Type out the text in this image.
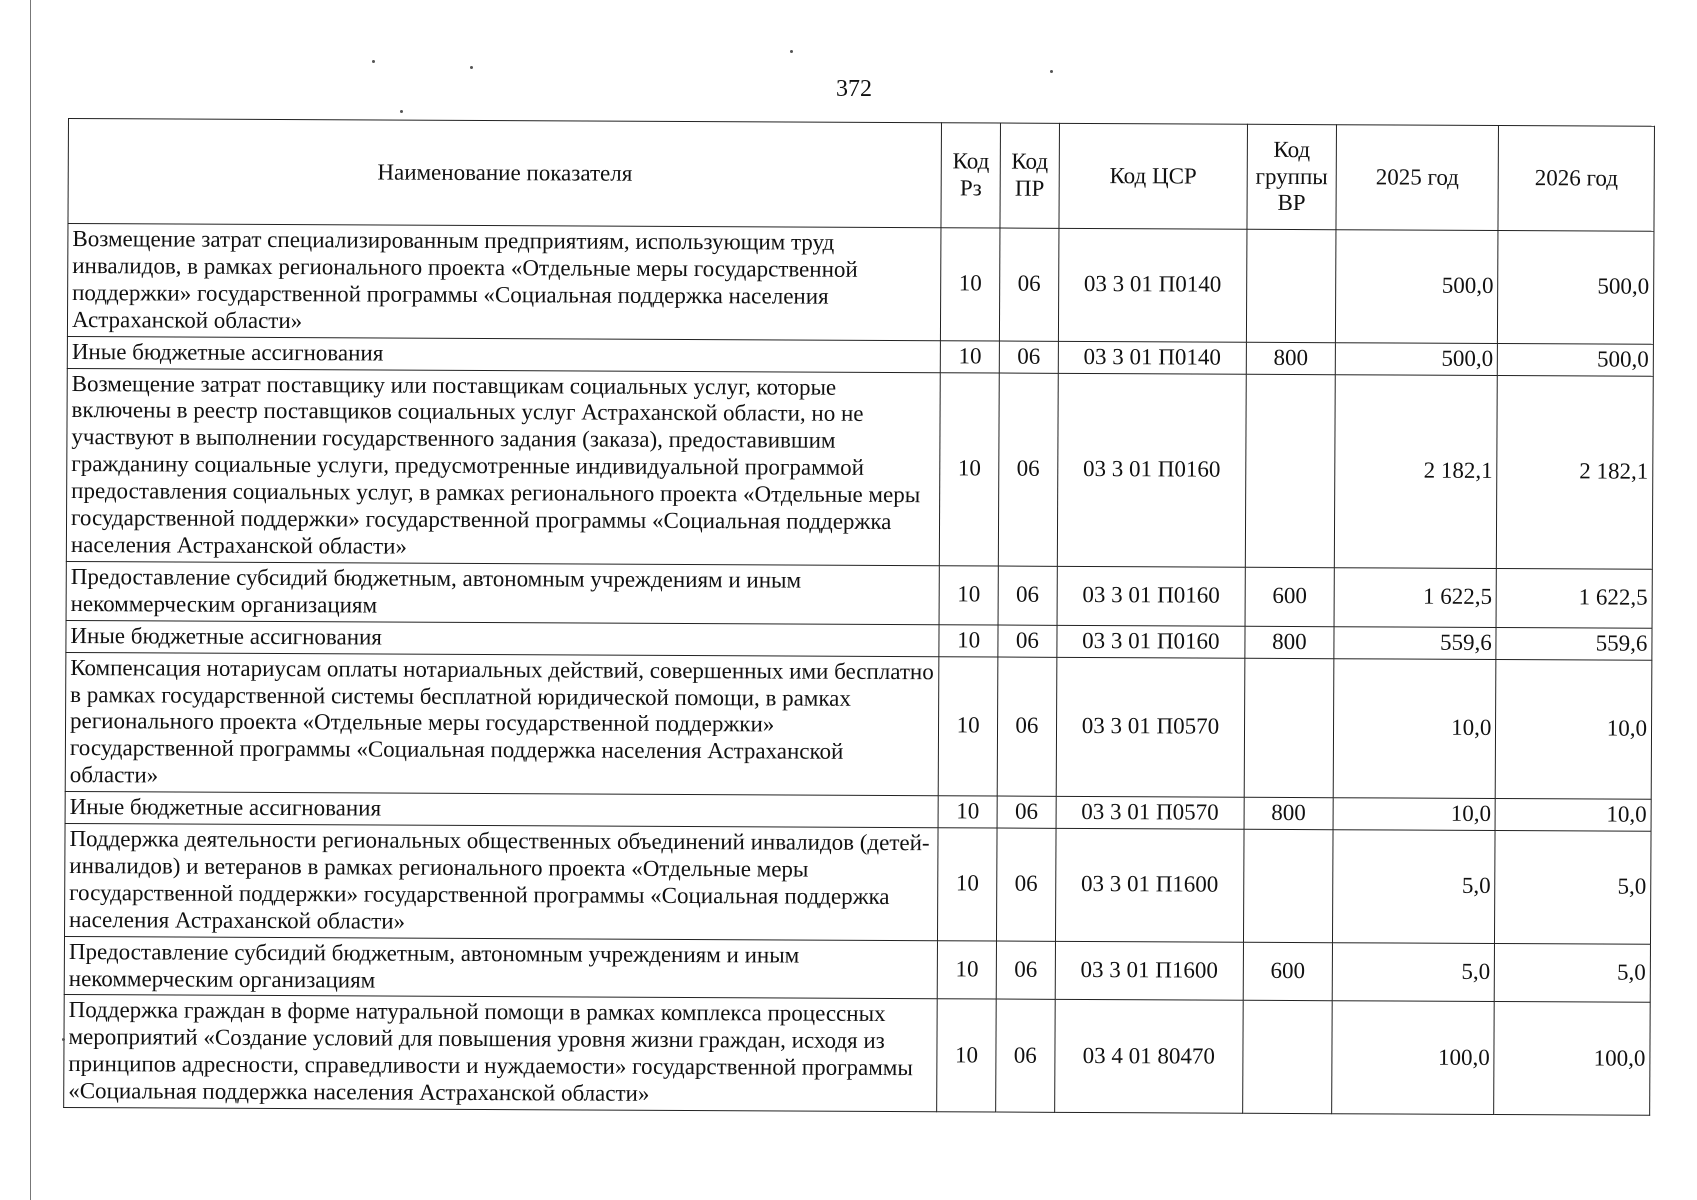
372
Наименование показателя	Код Рз	Код ПР	Код ЦСР	Код группы ВР	2025 год	2026 год
Возмещение затрат специализированным предприятиям, использующим труд инвалидов, в рамках регионального проекта «Отдельные меры государственной поддержки» государственной программы «Социальная поддержка населения Астраханской области»	10	06	03 3 01 П0140		500,0	500,0
Иные бюджетные ассигнования	10	06	03 3 01 П0140	800	500,0	500,0
Возмещение затрат поставщику или поставщикам социальных услуг, которые включены в реестр поставщиков социальных услуг Астраханской области, но не участвуют в выполнении государственного задания (заказа), предоставившим гражданину социальные услуги, предусмотренные индивидуальной программой предоставления социальных услуг, в рамках регионального проекта «Отдельные меры государственной поддержки» государственной программы «Социальная поддержка населения Астраханской области»	10	06	03 3 01 П0160		2 182,1	2 182,1
Предоставление субсидий бюджетным, автономным учреждениям и иным некоммерческим организациям	10	06	03 3 01 П0160	600	1 622,5	1 622,5
Иные бюджетные ассигнования	10	06	03 3 01 П0160	800	559,6	559,6
Компенсация нотариусам оплаты нотариальных действий, совершенных ими бесплатно в рамках государственной системы бесплатной юридической помощи, в рамках регионального проекта «Отдельные меры государственной поддержки» государственной программы «Социальная поддержка населения Астраханской области»	10	06	03 3 01 П0570		10,0	10,0
Иные бюджетные ассигнования	10	06	03 3 01 П0570	800	10,0	10,0
Поддержка деятельности региональных общественных объединений инвалидов (детей-инвалидов) и ветеранов в рамках регионального проекта «Отдельные меры государственной поддержки» государственной программы «Социальная поддержка населения Астраханской области»	10	06	03 3 01 П1600		5,0	5,0
Предоставление субсидий бюджетным, автономным учреждениям и иным некоммерческим организациям	10	06	03 3 01 П1600	600	5,0	5,0
Поддержка граждан в форме натуральной помощи в рамках комплекса процессных мероприятий «Создание условий для повышения уровня жизни граждан, исходя из принципов адресности, справедливости и нуждаемости» государственной программы «Социальная поддержка населения Астраханской области»	10	06	03 4 01 80470		100,0	100,0
